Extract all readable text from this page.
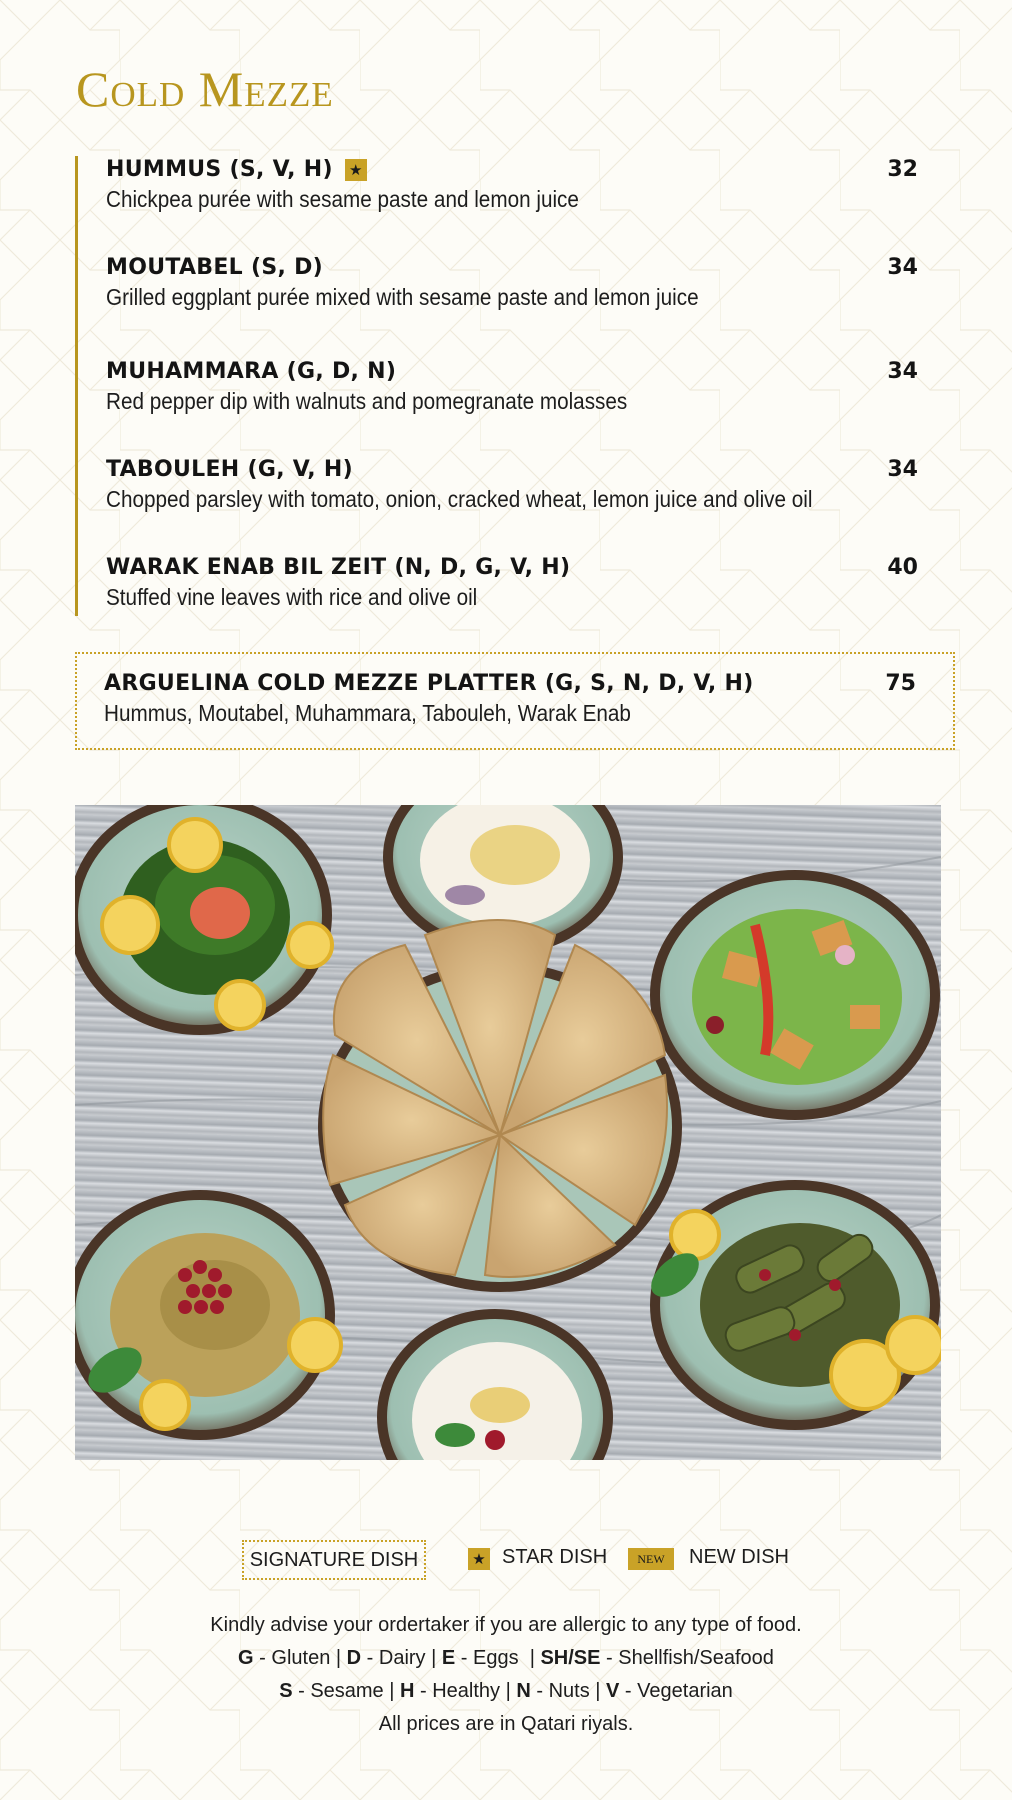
Cold Mezze
HUMMUS (S, V, H) ★
Chickpea purée with sesame paste and lemon juice
32
MOUTABEL (S, D)
Grilled eggplant purée mixed with sesame paste and lemon juice
34
MUHAMMARA (G, D, N)
Red pepper dip with walnuts and pomegranate molasses
34
TABOULEH (G, V, H)
Chopped parsley with tomato, onion, cracked wheat, lemon juice and olive oil
34
WARAK ENAB BIL ZEIT (N, D, G, V, H)
Stuffed vine leaves with rice and olive oil
40
ARGUELINA COLD MEZZE PLATTER (G, S, N, D, V, H)
Hummus, Moutabel, Muhammara, Tabouleh, Warak Enab
75
SIGNATURE DISH	★ STAR DISH	NEW	NEW DISH
Kindly advise your ordertaker if you are allergic to any type of food.
G - Gluten | D - Dairy | E - Eggs  | SH/SE - Shellfish/Seafood
S - Sesame | H - Healthy | N - Nuts | V - Vegetarian
All prices are in Qatari riyals.
